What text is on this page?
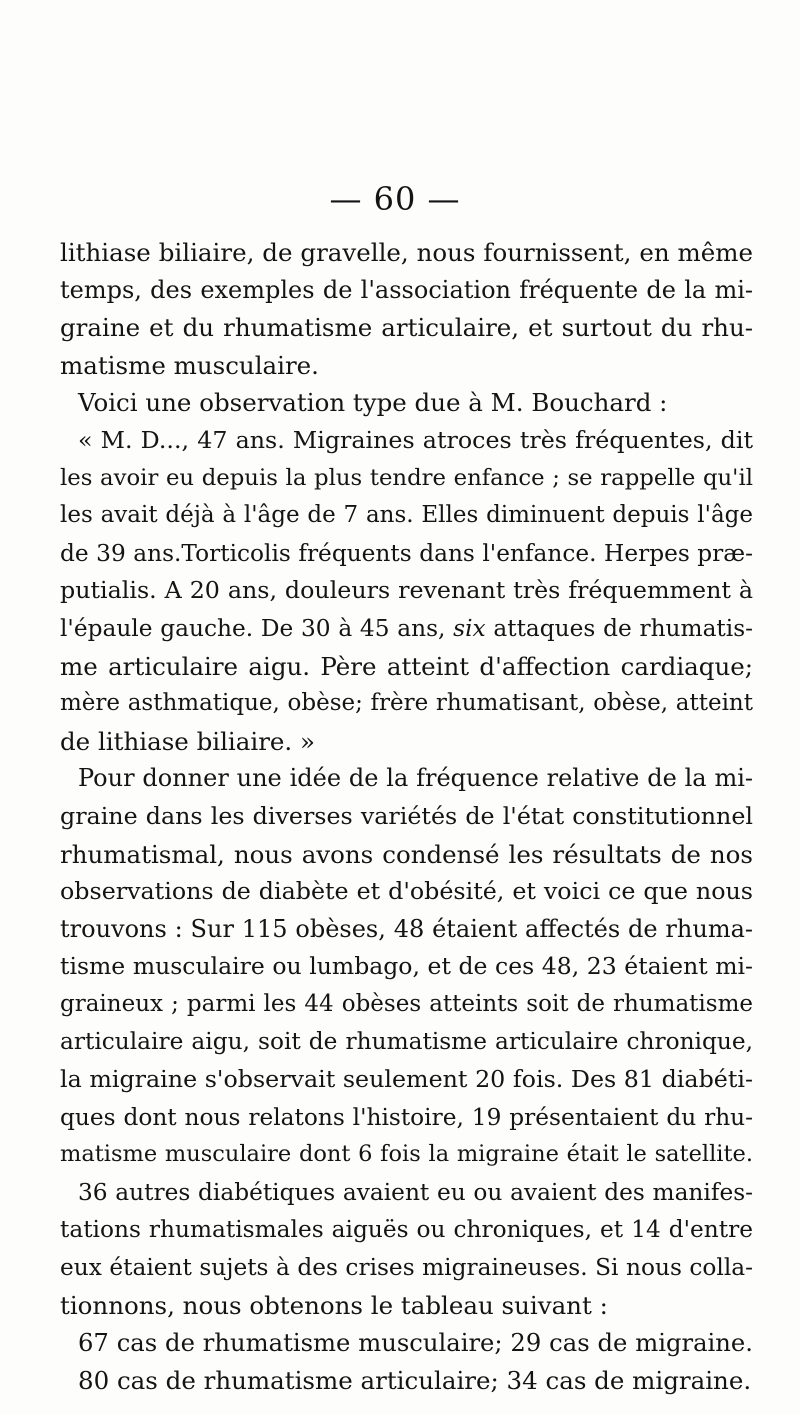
— 60 —
lithiase biliaire, de gravelle, nous fournissent, en même
temps, des exemples de l'association fréquente de la mi-
graine et du rhumatisme articulaire, et surtout du rhu-
matisme musculaire.
Voici une observation type due à M. Bouchard :
« M. D..., 47 ans. Migraines atroces très fréquentes, dit
les avoir eu depuis la plus tendre enfance ; se rappelle qu'il
les avait déjà à l'âge de 7 ans. Elles diminuent depuis l'âge
de 39 ans.Torticolis fréquents dans l'enfance. Herpes præ-
putialis. A 20 ans, douleurs revenant très fréquemment à
l'épaule gauche. De 30 à 45 ans, six attaques de rhumatis-
me articulaire aigu. Père atteint d'affection cardiaque;
mère asthmatique, obèse; frère rhumatisant, obèse, atteint
de lithiase biliaire. »
Pour donner une idée de la fréquence relative de la mi-
graine dans les diverses variétés de l'état constitutionnel
rhumatismal, nous avons condensé les résultats de nos
observations de diabète et d'obésité, et voici ce que nous
trouvons : Sur 115 obèses, 48 étaient affectés de rhuma-
tisme musculaire ou lumbago, et de ces 48, 23 étaient mi-
graineux ; parmi les 44 obèses atteints soit de rhumatisme
articulaire aigu, soit de rhumatisme articulaire chronique,
la migraine s'observait seulement 20 fois. Des 81 diabéti-
ques dont nous relatons l'histoire, 19 présentaient du rhu-
matisme musculaire dont 6 fois la migraine était le satellite.
36 autres diabétiques avaient eu ou avaient des manifes-
tations rhumatismales aiguës ou chroniques, et 14 d'entre
eux étaient sujets à des crises migraineuses. Si nous colla-
tionnons, nous obtenons le tableau suivant :
67 cas de rhumatisme musculaire; 29 cas de migraine.
80 cas de rhumatisme articulaire; 34 cas de migraine.
